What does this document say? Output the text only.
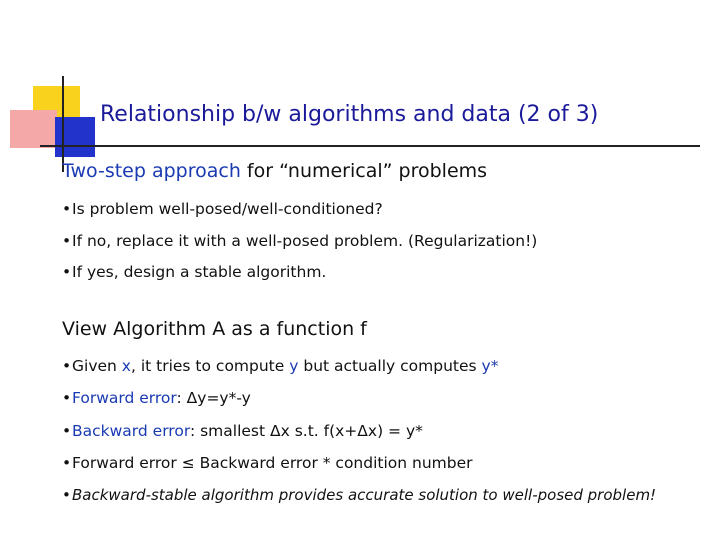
Relationship b/w algorithms and data (2 of 3)
Two-step approach for “numerical” problems
•Is problem well-posed/well-conditioned?
•If no, replace it with a well-posed problem. (Regularization!)
•If yes, design a stable algorithm.
View Algorithm A as a function f
•Given x, it tries to compute y but actually computes y*
•Forward error: Δy=y*-y
•Backward error: smallest Δx s.t. f(x+Δx) = y*
•Forward error ≤ Backward error * condition number
•Backward-stable algorithm provides accurate solution to well-posed problem!
